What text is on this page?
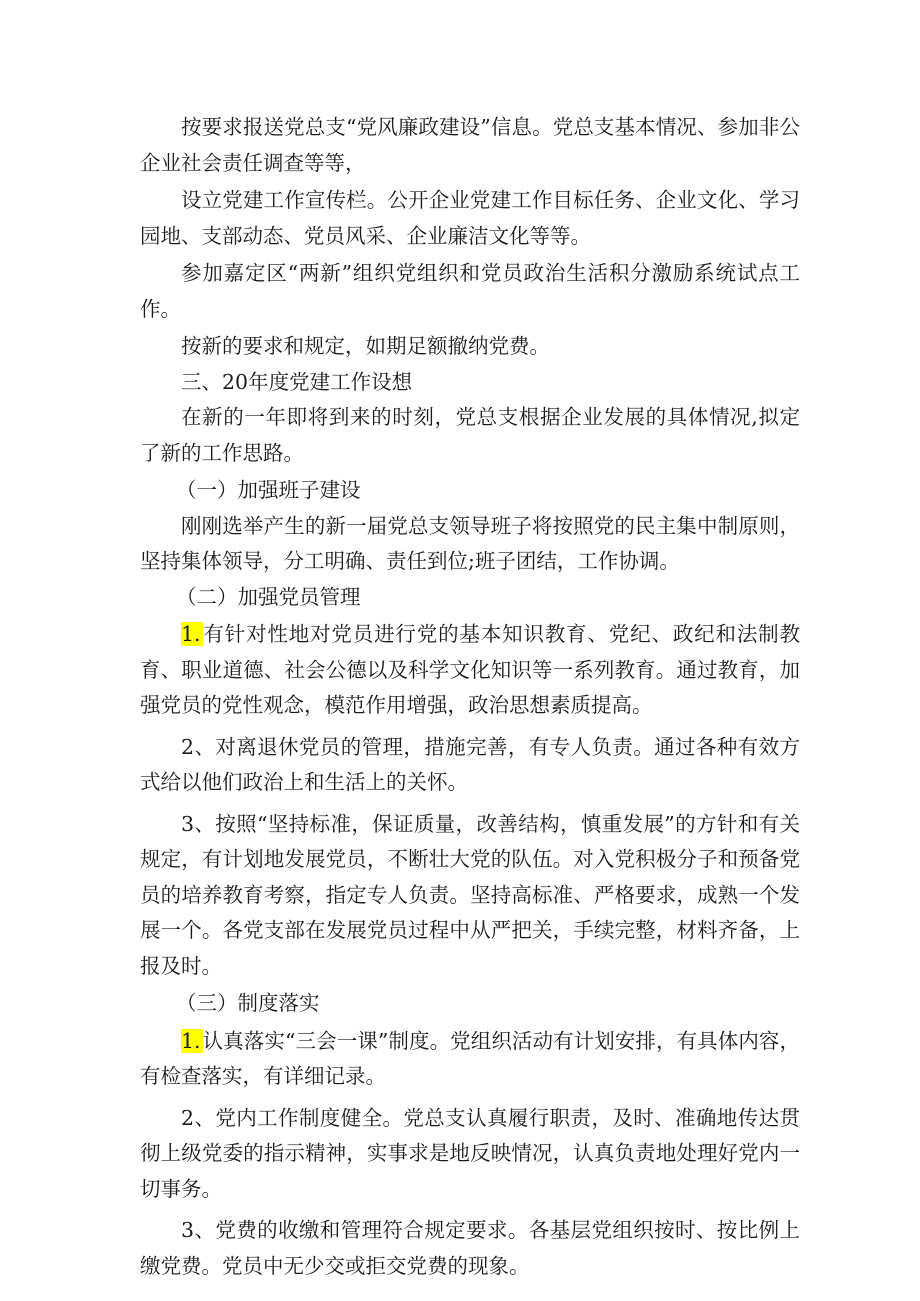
按要求报送党总支“党风廉政建设”信息。党总支基本情况、参加非公企业社会责任调查等等，

设立党建工作宣传栏。公开企业党建工作目标任务、企业文化、学习园地、支部动态、党员风采、企业廉洁文化等等。

参加嘉定区“两新”组织党组织和党员政治生活积分激励系统试点工作。

按新的要求和规定，如期足额撤纳党费。

三、20年度党建工作设想

在新的一年即将到来的时刻，党总支根据企业发展的具体情况,拟定了新的工作思路。

（一）加强班子建设

刚刚选举产生的新一届党总支领导班子将按照党的民主集中制原则，坚持集体领导，分工明确、责任到位;班子团结，工作协调。

（二）加强党员管理

1.有针对性地对党员进行党的基本知识教育、党纪、政纪和法制教育、职业道德、社会公德以及科学文化知识等一系列教育。通过教育，加强党员的党性观念，模范作用增强，政治思想素质提高。

2、对离退休党员的管理，措施完善，有专人负责。通过各种有效方式给以他们政治上和生活上的关怀。

3、按照“坚持标准，保证质量，改善结构，慎重发展”的方针和有关规定，有计划地发展党员，不断壮大党的队伍。对入党积极分子和预备党员的培养教育考察，指定专人负责。坚持高标准、严格要求，成熟一个发展一个。各党支部在发展党员过程中从严把关，手续完整，材料齐备，上报及时。

（三）制度落实

1.认真落实“三会一课”制度。党组织活动有计划安排，有具体内容，有检查落实，有详细记录。

2、党内工作制度健全。党总支认真履行职责，及时、准确地传达贯彻上级党委的指示精神，实事求是地反映情况，认真负责地处理好党内一切事务。

3、党费的收缴和管理符合规定要求。各基层党组织按时、按比例上缴党费。党员中无少交或拒交党费的现象。
